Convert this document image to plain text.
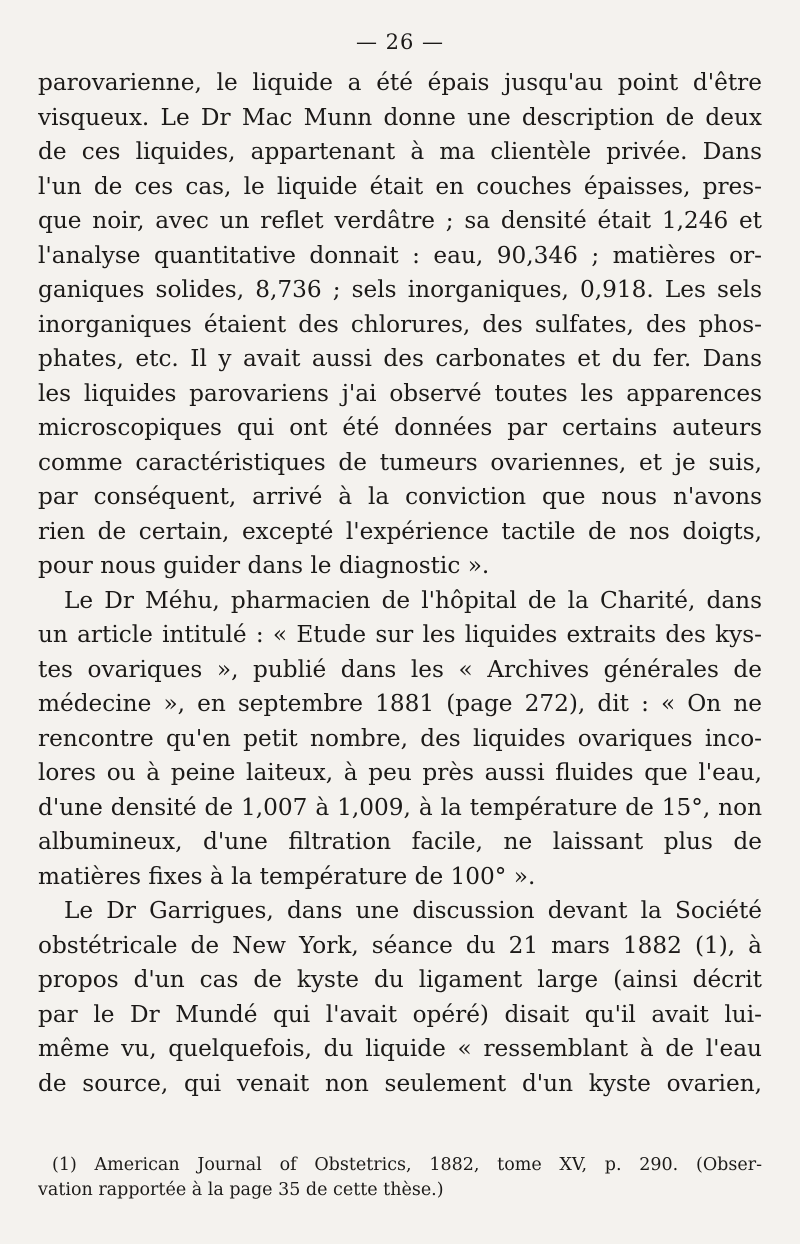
— 26 —
parovarienne, le liquide a été épais jusqu'au point d'être
visqueux. Le Dr Mac Munn donne une description de deux
de ces liquides, appartenant à ma clientèle privée. Dans
l'un de ces cas, le liquide était en couches épaisses, pres-
que noir, avec un reflet verdâtre ; sa densité était 1,246 et
l'analyse quantitative donnait : eau, 90,346 ; matières or-
ganiques solides, 8,736 ; sels inorganiques, 0,918. Les sels
inorganiques étaient des chlorures, des sulfates, des phos-
phates, etc. Il y avait aussi des carbonates et du fer. Dans
les liquides parovariens j'ai observé toutes les apparences
microscopiques qui ont été données par certains auteurs
comme caractéristiques de tumeurs ovariennes, et je suis,
par conséquent, arrivé à la conviction que nous n'avons
rien de certain, excepté l'expérience tactile de nos doigts,
pour nous guider dans le diagnostic ».
Le Dr Méhu, pharmacien de l'hôpital de la Charité, dans
un article intitulé : « Etude sur les liquides extraits des kys-
tes ovariques », publié dans les « Archives générales de
médecine », en septembre 1881 (page 272), dit : « On ne
rencontre qu'en petit nombre, des liquides ovariques inco-
lores ou à peine laiteux, à peu près aussi fluides que l'eau,
d'une densité de 1,007 à 1,009, à la température de 15°, non
albumineux, d'une filtration facile, ne laissant plus de
matières fixes à la température de 100° ».
Le Dr Garrigues, dans une discussion devant la Société
obstétricale de New York, séance du 21 mars 1882 (1), à
propos d'un cas de kyste du ligament large (ainsi décrit
par le Dr Mundé qui l'avait opéré) disait qu'il avait lui-
même vu, quelquefois, du liquide « ressemblant à de l'eau
de source, qui venait non seulement d'un kyste ovarien,
(1) American Journal of Obstetrics, 1882, tome XV, p. 290. (Obser-
vation rapportée à la page 35 de cette thèse.)
